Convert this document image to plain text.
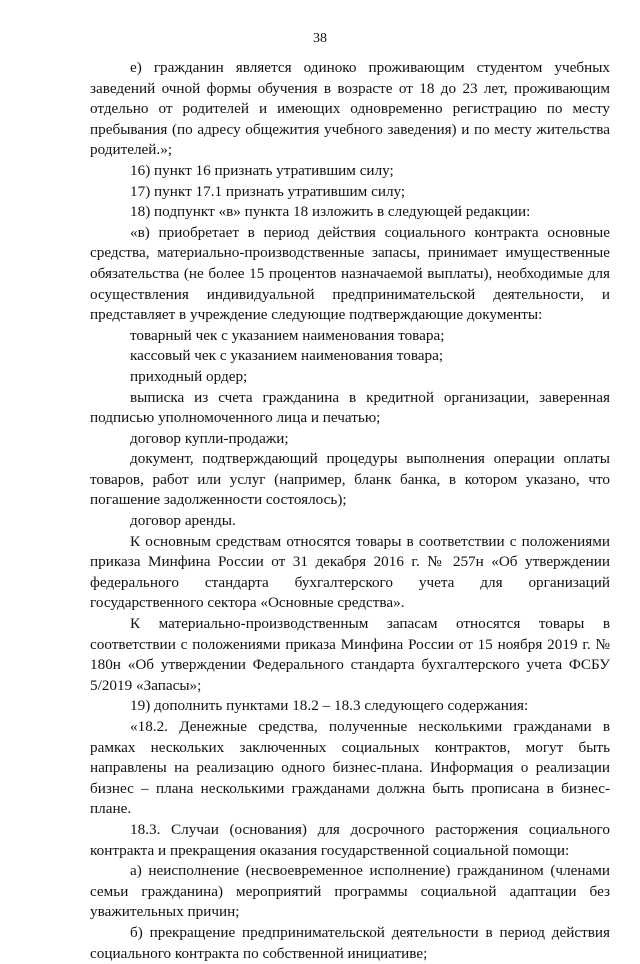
38

е) гражданин является одиноко проживающим студентом учебных заведений очной формы обучения в возрасте от 18 до 23 лет, проживающим отдельно от родителей и имеющих одновременно регистрацию по месту пребывания (по адресу общежития учебного заведения) и по месту жительства родителей.»;

16) пункт 16 признать утратившим силу;

17) пункт 17.1 признать утратившим силу;

18) подпункт «в» пункта 18 изложить в следующей редакции:

«в) приобретает в период действия социального контракта основные средства, материально-производственные запасы, принимает имущественные обязательства (не более 15 процентов назначаемой выплаты), необходимые для осуществления индивидуальной предпринимательской деятельности, и представляет в учреждение следующие подтверждающие документы:

товарный чек с указанием наименования товара;

кассовый чек с указанием наименования товара;

приходный ордер;

выписка из счета гражданина в кредитной организации, заверенная подписью уполномоченного лица и печатью;

договор купли-продажи;

документ, подтверждающий процедуры выполнения операции оплаты товаров, работ или услуг (например, бланк банка, в котором указано, что погашение задолженности состоялось);

договор аренды.

К основным средствам относятся товары в соответствии с положениями приказа Минфина России от 31 декабря 2016 г. № 257н «Об утверждении федерального стандарта бухгалтерского учета для организаций государственного сектора «Основные средства».

К материально-производственным запасам относятся товары в соответствии с положениями приказа Минфина России от 15 ноября 2019 г. № 180н «Об утверждении Федерального стандарта бухгалтерского учета ФСБУ 5/2019 «Запасы»;

19) дополнить пунктами 18.2 – 18.3 следующего содержания:

«18.2. Денежные средства, полученные несколькими гражданами в рамках нескольких заключенных социальных контрактов, могут быть направлены на реализацию одного бизнес-плана. Информация о реализации бизнес – плана несколькими гражданами должна быть прописана в бизнес-плане.

18.3. Случаи (основания) для досрочного расторжения социального контракта и прекращения оказания государственной социальной помощи:

а) неисполнение (несвоевременное исполнение) гражданином (членами семьи гражданина) мероприятий программы социальной адаптации без уважительных причин;

б) прекращение предпринимательской деятельности в период действия социального контракта по собственной инициативе;
